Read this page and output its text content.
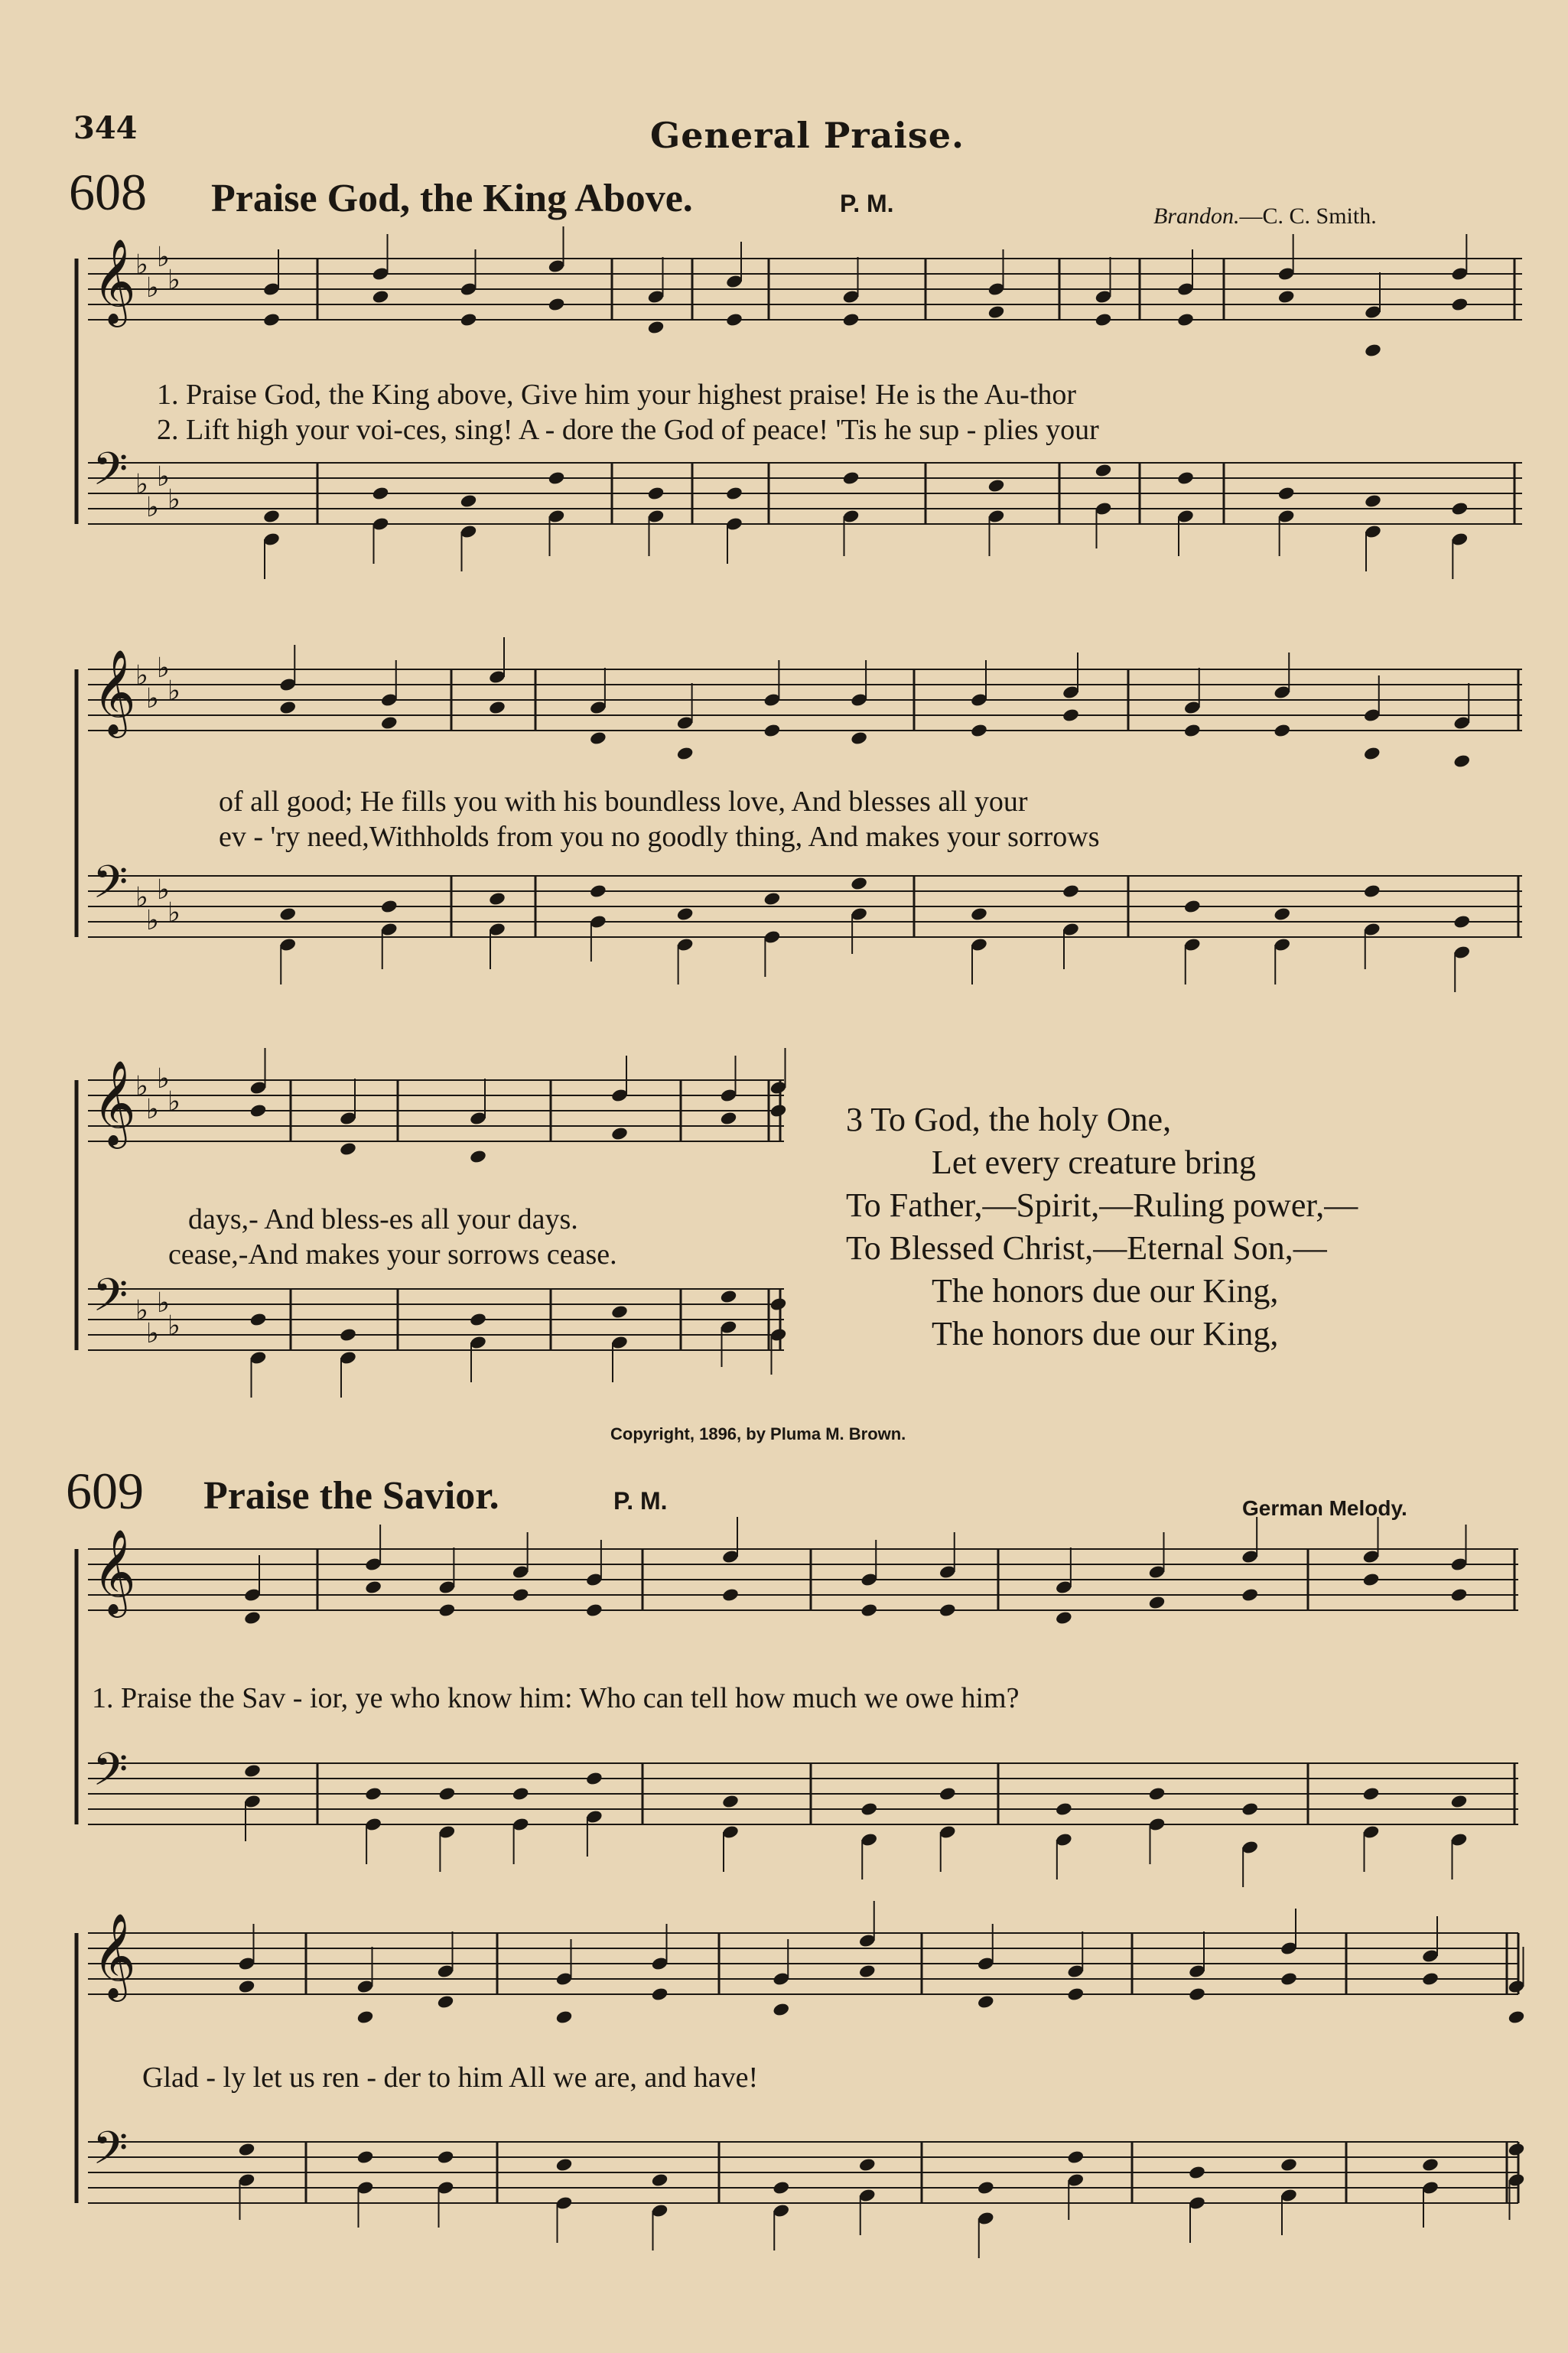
344	General Praise.
608 Praise God, the King Above.	P. M.	Brandon.—C. C. Smith.
1. Praise God, the King above, Give him your highest praise! He is the Au-thor
2. Lift high your voi-ces, sing! A - dore the God of peace! 'Tis he sup - plies your
of all good; He fills you with his boundless love, And blesses all your
ev - 'ry need,Withholds from you no goodly thing, And makes your sorrows
days,- And bless-es all your days.
cease,-And makes your sorrows cease.
3 To God, the holy One,
Let every creature bring
To Father,—Spirit,—Ruling power,—
To Blessed Christ,—Eternal Son,—
The honors due our King,
The honors due our King,
Copyright, 1896, by Pluma M. Brown.
609 Praise the Savior.	P. M.	German Melody.
1. Praise the Sav - ior, ye who know him: Who can tell how much we owe him?
Glad - ly let us ren - der to him All we are, and have!
𝄞 ♭
♭
♭
♭
𝄢 ♭
♭
♭
♭
𝄞 ♭
♭
♭
♭
𝄢 ♭
♭
♭
♭
𝄞 ♭
♭
♭
♭
𝄢 ♭
♭
♭
♭
𝄞
𝄢
𝄞
𝄢
